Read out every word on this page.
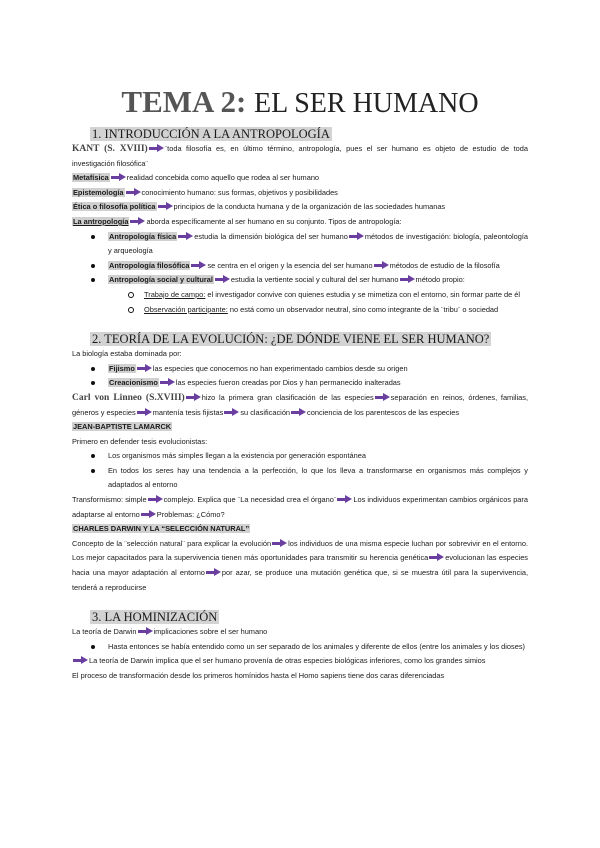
TEMA 2: EL SER HUMANO
1. INTRODUCCIÓN A LA ANTROPOLOGÍA
KANT (S. XVIII) ¨toda filosofía es, en último término, antropología, pues el ser humano es objeto de estudio de toda investigación filosófica¨
Metafísica realidad concebida como aquello que rodea al ser humano
Epistemología conocimiento humano: sus formas, objetivos y posibilidades
Ética o filosofía política principios de la conducta humana y de la organización de las sociedades humanas
La antropología aborda específicamente al ser humano en su conjunto. Tipos de antropología:
Antropología física estudia la dimensión biológica del ser humano métodos de investigación: biología, paleontología y arqueología
Antropología filosófica se centra en el origen y la esencia del ser humano métodos de estudio de la filosofía
Antropología social y cultural estudia la vertiente social y cultural del ser humano método propio:
Trabajo de campo: el investigador convive con quienes estudia y se mimetiza con el entorno, sin formar parte de él
Observación participante: no está como un observador neutral, sino como integrante de la ¨tribu¨ o sociedad
2. TEORÍA DE LA EVOLUCIÓN: ¿DE DÓNDE VIENE EL SER HUMANO?
La biología estaba dominada por:
Fijismo las especies que conocemos no han experimentado cambios desde su origen
Creacionismo las especies fueron creadas por Dios y han permanecido inalteradas
Carl von Linneo (S.XVIII) hizo la primera gran clasificación de las especies separación en reinos, órdenes, familias, géneros y especies mantenía tesis fijistas su clasificación conciencia de los parentescos de las especies
JEAN-BAPTISTE LAMARCK
Primero en defender tesis evolucionistas:
Los organismos más simples llegan a la existencia por generación espontánea
En todos los seres hay una tendencia a la perfección, lo que los lleva a transformarse en organismos más complejos y adaptados al entorno
Transformismo: simple complejo. Explica que ¨La necesidad crea el órgano¨ Los individuos experimentan cambios orgánicos para adaptarse al entorno Problemas: ¿Cómo?
CHARLES DARWIN Y LA “SELECCIÓN NATURAL”
Concepto de la ¨selección natural¨ para explicar la evolución los individuos de una misma especie luchan por sobrevivir en el entorno. Los mejor capacitados para la supervivencia tienen más oportunidades para transmitir su herencia genética evolucionan las especies hacia una mayor adaptación al entorno por azar, se produce una mutación genética que, si se muestra útil para la supervivencia, tenderá a reproducirse
3. LA HOMINIZACIÓN
La teoría de Darwin implicaciones sobre el ser humano
Hasta entonces se había entendido como un ser separado de los animales y diferente de ellos (entre los animales y los dioses)
La teoría de Darwin implica que el ser humano provenía de otras especies biológicas inferiores, como los grandes simios
El proceso de transformación desde los primeros homínidos hasta el Homo sapiens tiene dos caras diferenciadas
